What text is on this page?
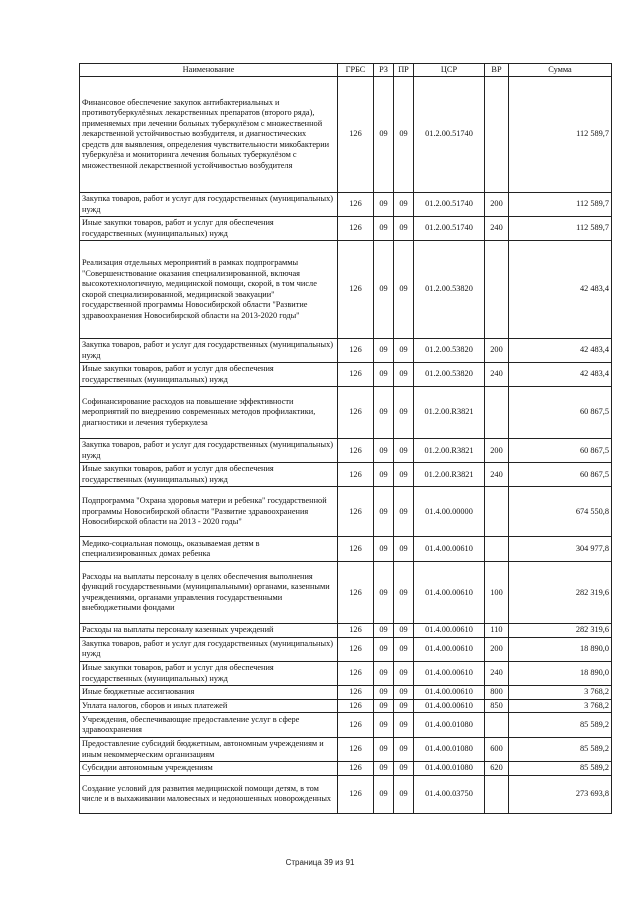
Наименование	ГРБС	РЗ	ПР	ЦСР	ВР	Сумма
Финансовое обеспечение закупок антибактериальных и противотуберкулёзных лекарственных препаратов (второго ряда), применяемых при лечении больных туберкулёзом с множественной лекарственной устойчивостью возбудителя, и диагностических средств для выявления, определения чувствительности микобактерии туберкулёза и мониторинга лечения больных туберкулёзом с множественной лекарственной устойчивостью возбудителя	126	09	09	01.2.00.51740		112 589,7
Закупка товаров, работ и услуг для государственных (муниципальных) нужд	126	09	09	01.2.00.51740	200	112 589,7
Иные закупки товаров, работ и услуг для обеспечения государственных (муниципальных) нужд	126	09	09	01.2.00.51740	240	112 589,7
Реализация отдельных мероприятий в рамках подпрограммы "Совершенствование оказания специализированной, включая высокотехнологичную, медицинской помощи, скорой, в том числе скорой специализированной, медицинской эвакуации" государственной программы Новосибирской области "Развитие здравоохранения Новосибирской области на 2013-2020 годы"	126	09	09	01.2.00.53820		42 483,4
Закупка товаров, работ и услуг для государственных (муниципальных) нужд	126	09	09	01.2.00.53820	200	42 483,4
Иные закупки товаров, работ и услуг для обеспечения государственных (муниципальных) нужд	126	09	09	01.2.00.53820	240	42 483,4
Софинансирование расходов на повышение эффективности мероприятий по внедрению современных методов профилактики, диагностики и лечения туберкулеза	126	09	09	01.2.00.R3821		60 867,5
Закупка товаров, работ и услуг для государственных (муниципальных) нужд	126	09	09	01.2.00.R3821	200	60 867,5
Иные закупки товаров, работ и услуг для обеспечения государственных (муниципальных) нужд	126	09	09	01.2.00.R3821	240	60 867,5
Подпрограмма "Охрана здоровья матери и ребенка" государственной программы Новосибирской области "Развитие здравоохранения Новосибирской области на 2013 - 2020 годы"	126	09	09	01.4.00.00000		674 550,8
Медико-социальная помощь, оказываемая детям в специализированных домах ребенка	126	09	09	01.4.00.00610		304 977,8
Расходы на выплаты персоналу в целях обеспечения выполнения функций государственными (муниципальными) органами, казенными учреждениями, органами управления государственными внебюджетными фондами	126	09	09	01.4.00.00610	100	282 319,6
Расходы на выплаты персоналу казенных учреждений	126	09	09	01.4.00.00610	110	282 319,6
Закупка товаров, работ и услуг для государственных (муниципальных) нужд	126	09	09	01.4.00.00610	200	18 890,0
Иные закупки товаров, работ и услуг для обеспечения государственных (муниципальных) нужд	126	09	09	01.4.00.00610	240	18 890,0
Иные бюджетные ассигнования	126	09	09	01.4.00.00610	800	3 768,2
Уплата налогов, сборов и иных платежей	126	09	09	01.4.00.00610	850	3 768,2
Учреждения, обеспечивающие предоставление услуг в сфере здравоохранения	126	09	09	01.4.00.01080		85 589,2
Предоставление субсидий бюджетным, автономным учреждениям и иным некоммерческим организациям	126	09	09	01.4.00.01080	600	85 589,2
Субсидии автономным учреждениям	126	09	09	01.4.00.01080	620	85 589,2
Создание условий для развития медицинской помощи детям, в том числе и в выхаживании маловесных и недоношенных новорожденных	126	09	09	01.4.00.03750		273 693,8
Страница 39 из 91
